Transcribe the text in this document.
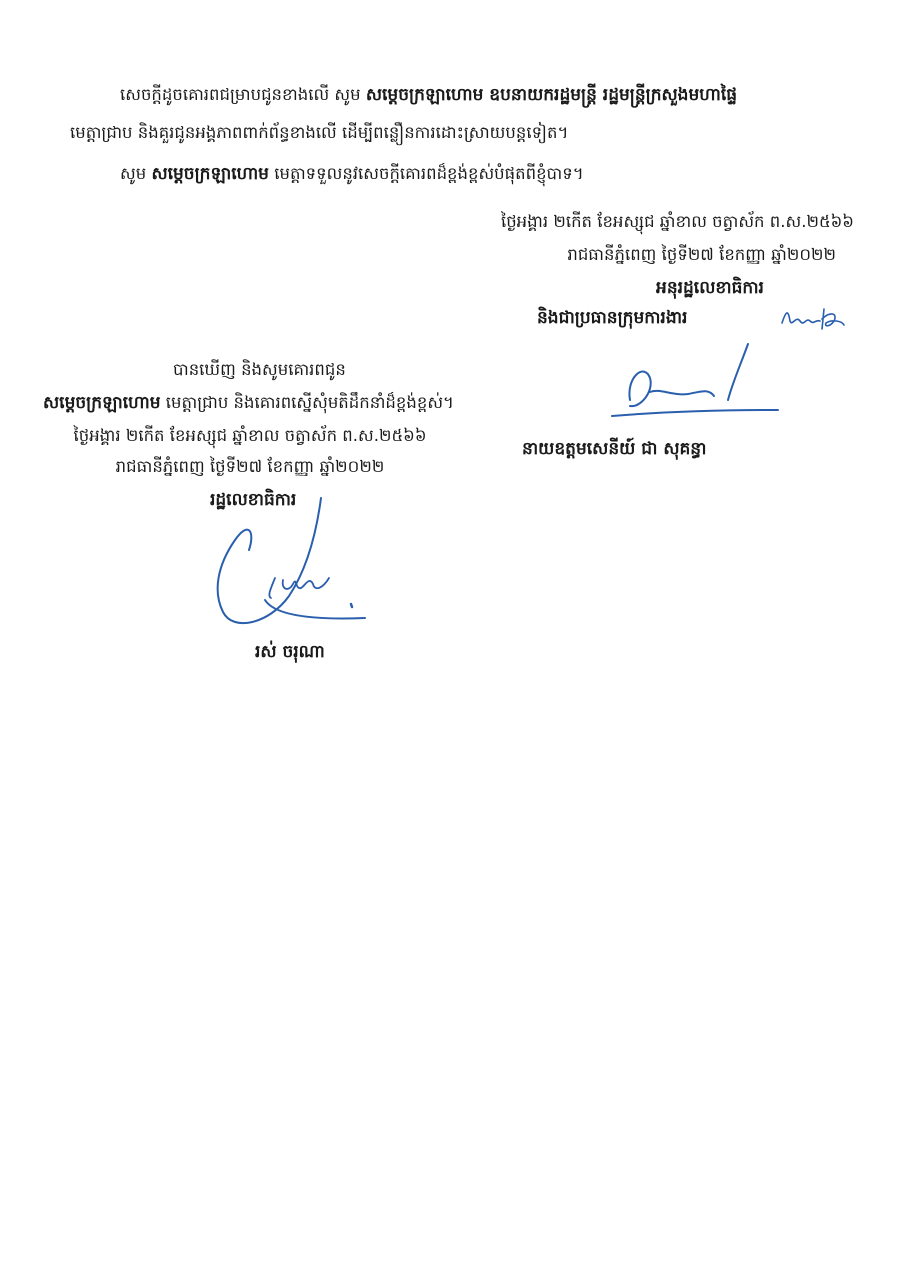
សេចក្ដីដូចគោរពជម្រាបជូនខាងលើ សូម សម្ដេចក្រឡាហោម ឧបនាយករដ្ឋមន្ត្រី រដ្ឋមន្ត្រីក្រសួងមហាផ្ទៃ
មេត្តាជ្រាប និងគួរជូនអង្គភាពពាក់ព័ន្ធខាងលើ ដើម្បីពន្លឿនការដោះស្រាយបន្តទៀត។
សូម សម្ដេចក្រឡាហោម មេត្តាទទួលនូវសេចក្ដីគោរពដ៏ខ្ពង់ខ្ពស់បំផុតពីខ្ញុំបាទ។
ថ្ងៃអង្គារ ២កើត ខែអស្សុជ ឆ្នាំខាល ចត្វាស័ក ព.ស.២៥៦៦
រាជធានីភ្នំពេញ ថ្ងៃទី២៧ ខែកញ្ញា ឆ្នាំ២០២២
អនុរដ្ឋលេខាធិការ
និងជាប្រធានក្រុមការងារ
នាយឧត្តមសេនីយ៍ ជា សុគន្ធា
បានឃើញ និងសូមគោរពជូន
សម្ដេចក្រឡាហោម មេត្តាជ្រាប និងគោរពស្នើសុំមតិដឹកនាំដ៏ខ្ពង់ខ្ពស់។
ថ្ងៃអង្គារ ២កើត ខែអស្សុជ ឆ្នាំខាល ចត្វាស័ក ព.ស.២៥៦៦
រាជធានីភ្នំពេញ ថ្ងៃទី២៧ ខែកញ្ញា ឆ្នាំ២០២២
រដ្ឋលេខាធិការ
រស់ ចរុណា
